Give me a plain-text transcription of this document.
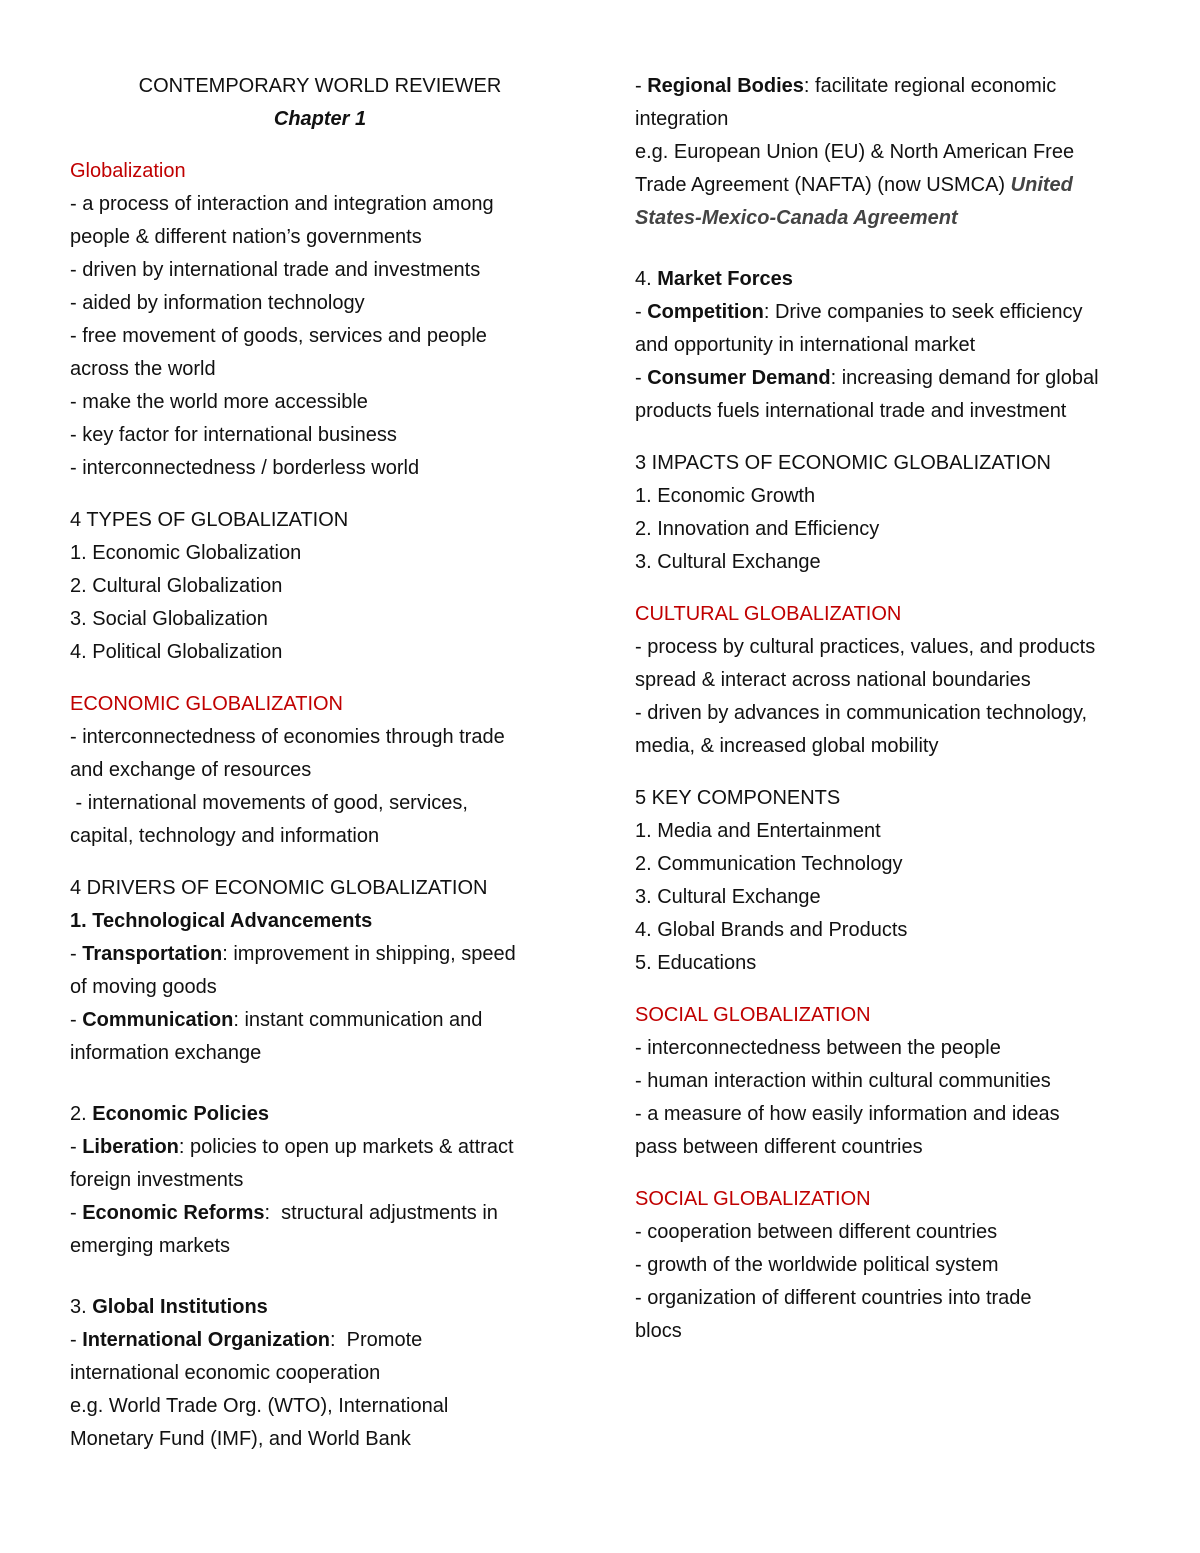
CONTEMPORARY WORLD REVIEWER
Chapter 1
Globalization
- a process of interaction and integration among
people & different nation’s governments
- driven by international trade and investments
- aided by information technology
- free movement of goods, services and people
across the world
- make the world more accessible
- key factor for international business
- interconnectedness / borderless world
4 TYPES OF GLOBALIZATION
1. Economic Globalization
2. Cultural Globalization
3. Social Globalization
4. Political Globalization
ECONOMIC GLOBALIZATION
- interconnectedness of economies through trade
and exchange of resources
- international movements of good, services,
capital, technology and information
4 DRIVERS OF ECONOMIC GLOBALIZATION
1. Technological Advancements
- Transportation: improvement in shipping, speed
of moving goods
- Communication: instant communication and
information exchange
2. Economic Policies
- Liberation: policies to open up markets & attract
foreign investments
- Economic Reforms:  structural adjustments in
emerging markets
3. Global Institutions
- International Organization:  Promote
international economic cooperation
e.g. World Trade Org. (WTO), International
Monetary Fund (IMF), and World Bank
- Regional Bodies: facilitate regional economic
integration
e.g. European Union (EU) & North American Free
Trade Agreement (NAFTA) (now USMCA) United
States-Mexico-Canada Agreement
4. Market Forces
- Competition: Drive companies to seek efficiency
and opportunity in international market
- Consumer Demand: increasing demand for global
products fuels international trade and investment
3 IMPACTS OF ECONOMIC GLOBALIZATION
1. Economic Growth
2. Innovation and Efficiency
3. Cultural Exchange
CULTURAL GLOBALIZATION
- process by cultural practices, values, and products
spread & interact across national boundaries
- driven by advances in communication technology,
media, & increased global mobility
5 KEY COMPONENTS
1. Media and Entertainment
2. Communication Technology
3. Cultural Exchange
4. Global Brands and Products
5. Educations
SOCIAL GLOBALIZATION
- interconnectedness between the people
- human interaction within cultural communities
- a measure of how easily information and ideas
pass between different countries
SOCIAL GLOBALIZATION
- cooperation between different countries
- growth of the worldwide political system
- organization of different countries into trade
blocs
